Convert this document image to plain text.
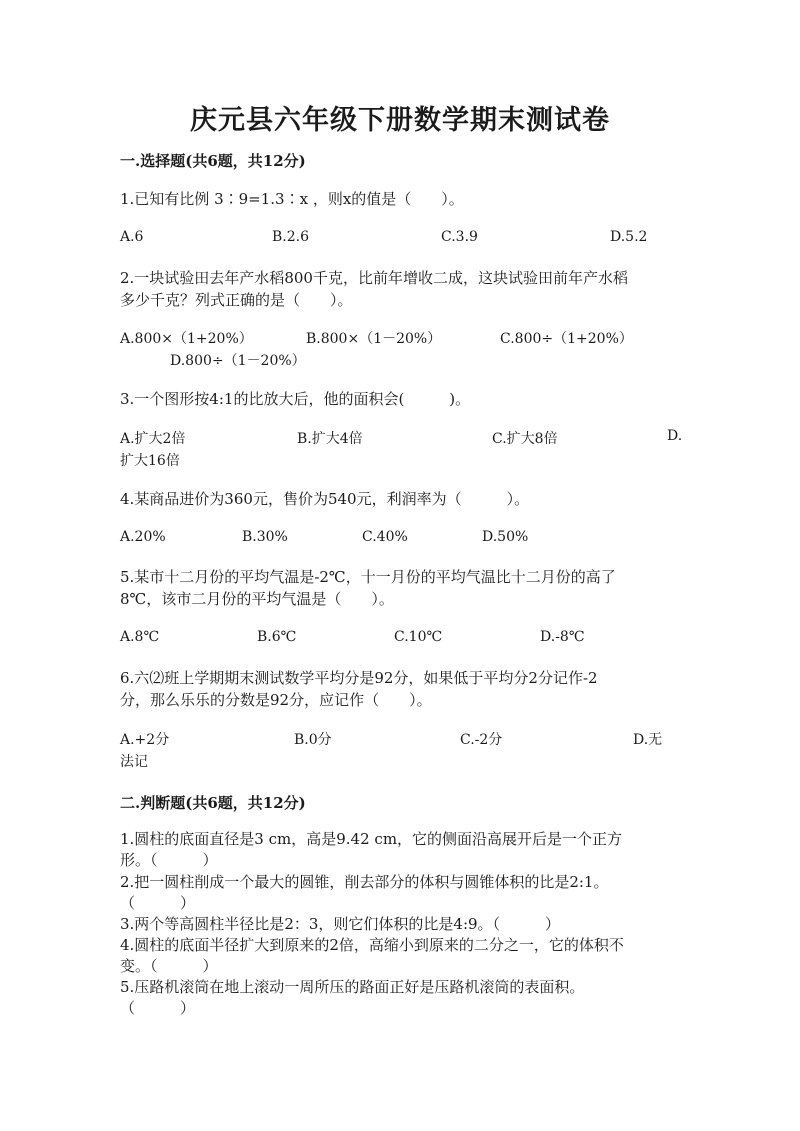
庆元县六年级下册数学期末测试卷
一.选择题(共6题，共12分)
1.已知有比例 3∶9=1.3∶x ，则x的值是（　　）。
A.6	B.2.6	C.3.9	D.5.2
2.一块试验田去年产水稻800千克，比前年增收二成，这块试验田前年产水稻
多少千克？列式正确的是（　　）。
A.800×（1+20%）	B.800×（1－20%）	C.800÷（1+20%）
D.800÷（1－20%）
3.一个图形按4:1的比放大后，他的面积会(　　　)。
A.扩大2倍	B.扩大4倍	C.扩大8倍	D.
扩大16倍
4.某商品进价为360元，售价为540元，利润率为（　　　）。
A.20%	B.30%	C.40%	D.50%
5.某市十二月份的平均气温是-2℃，十一月份的平均气温比十二月份的高了
8℃，该市二月份的平均气温是（　　）。
A.8℃	B.6℃	C.10℃	D.-8℃
6.六⑵班上学期期末测试数学平均分是92分，如果低于平均分2分记作-2
分，那么乐乐的分数是92分，应记作（　　）。
A.+2分	B.0分	C.-2分	D.无
法记
二.判断题(共6题，共12分)
1.圆柱的底面直径是3 cm，高是9.42 cm，它的侧面沿高展开后是一个正方
形。（　　　）
2.把一圆柱削成一个最大的圆锥，削去部分的体积与圆锥体积的比是2:1。
（　　　）
3.两个等高圆柱半径比是2：3，则它们体积的比是4:9。（　　　）
4.圆柱的底面半径扩大到原来的2倍，高缩小到原来的二分之一，它的体积不
变。（　　　）
5.压路机滚筒在地上滚动一周所压的路面正好是压路机滚筒的表面积。
（　　　）
